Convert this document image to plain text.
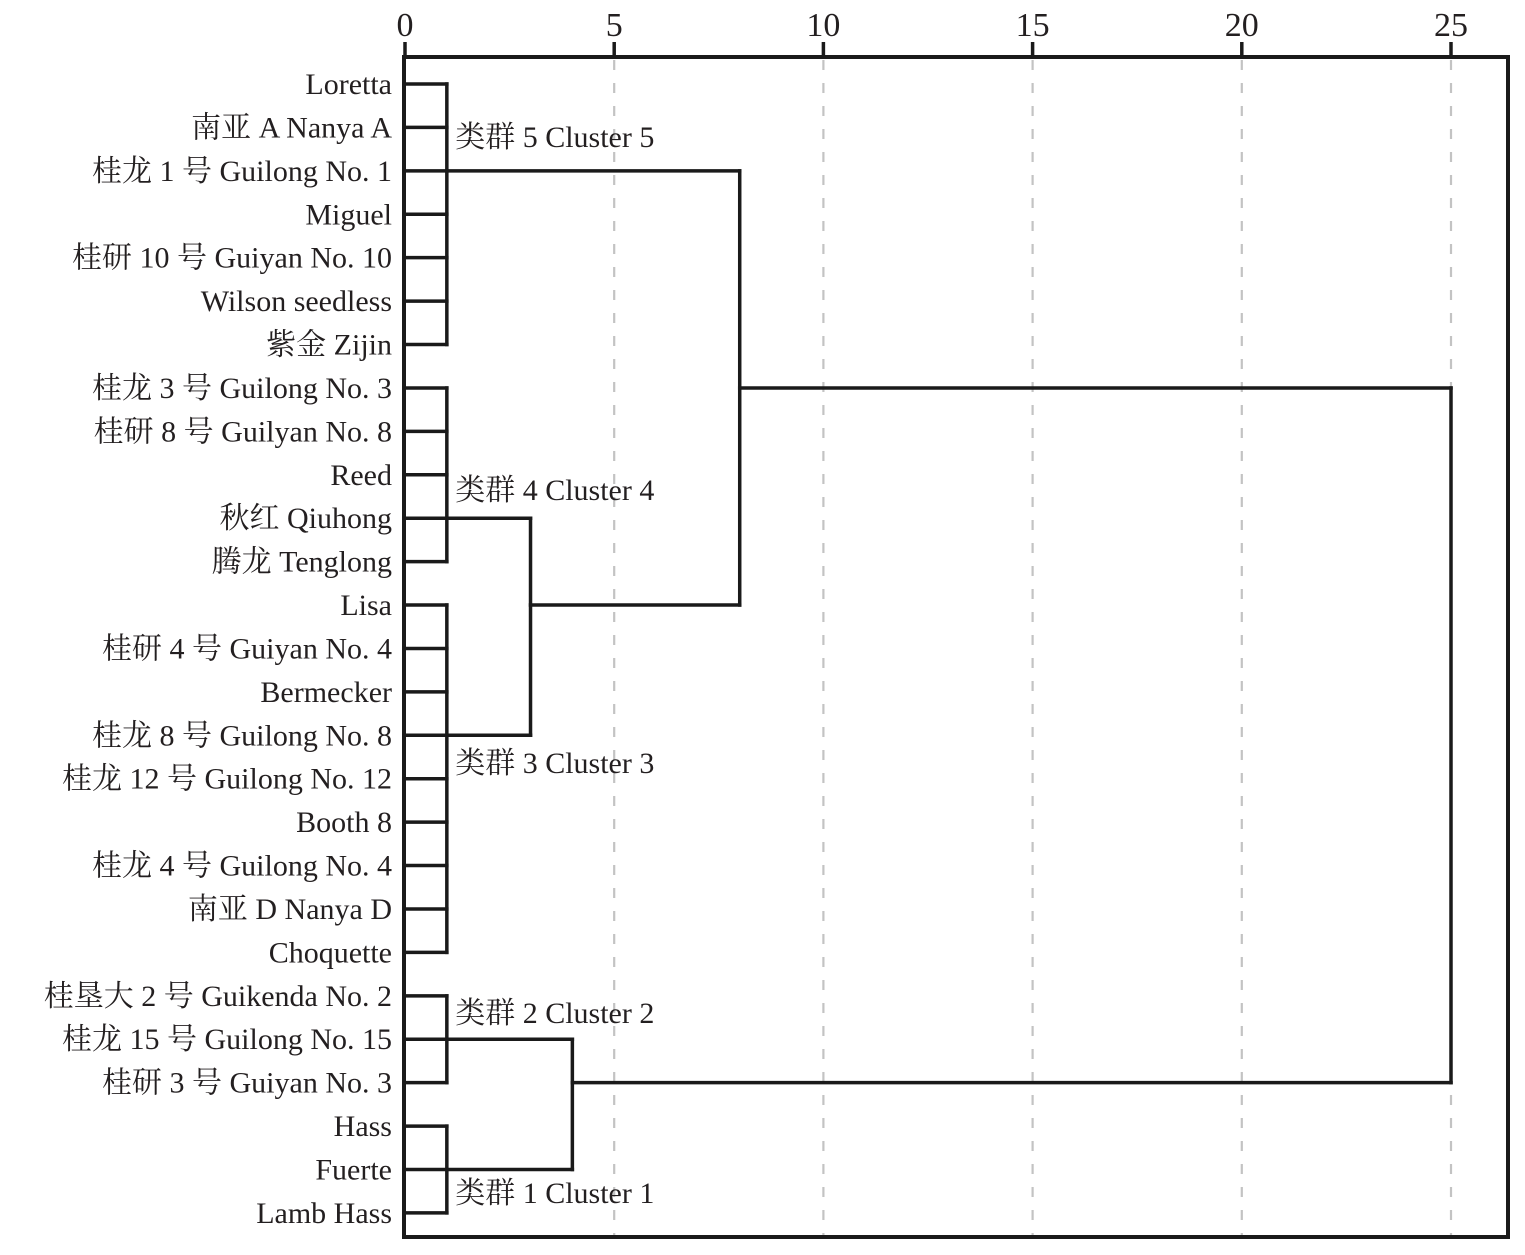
0	5	10	15	20	25
Loretta
南亚 A Nanya A
桂龙 1 号 Guilong No. 1
Miguel
桂研 10 号 Guiyan No. 10
Wilson seedless
紫金 Zijin
桂龙 3 号 Guilong No. 3
桂研 8 号 Guilyan No. 8
Reed
秋红 Qiuhong
腾龙 Tenglong
Lisa
桂研 4 号 Guiyan No. 4
Bermecker
桂龙 8 号 Guilong No. 8
桂龙 12 号 Guilong No. 12
Booth 8
桂龙 4 号 Guilong No. 4
南亚 D Nanya D
Choquette
桂垦大 2 号 Guikenda No. 2
桂龙 15 号 Guilong No. 15
桂研 3 号 Guiyan No. 3
Hass
Fuerte
Lamb Hass
类群 5 Cluster 5
类群 4 Cluster 4
类群 3 Cluster 3
类群 2 Cluster 2
类群 1 Cluster 1
